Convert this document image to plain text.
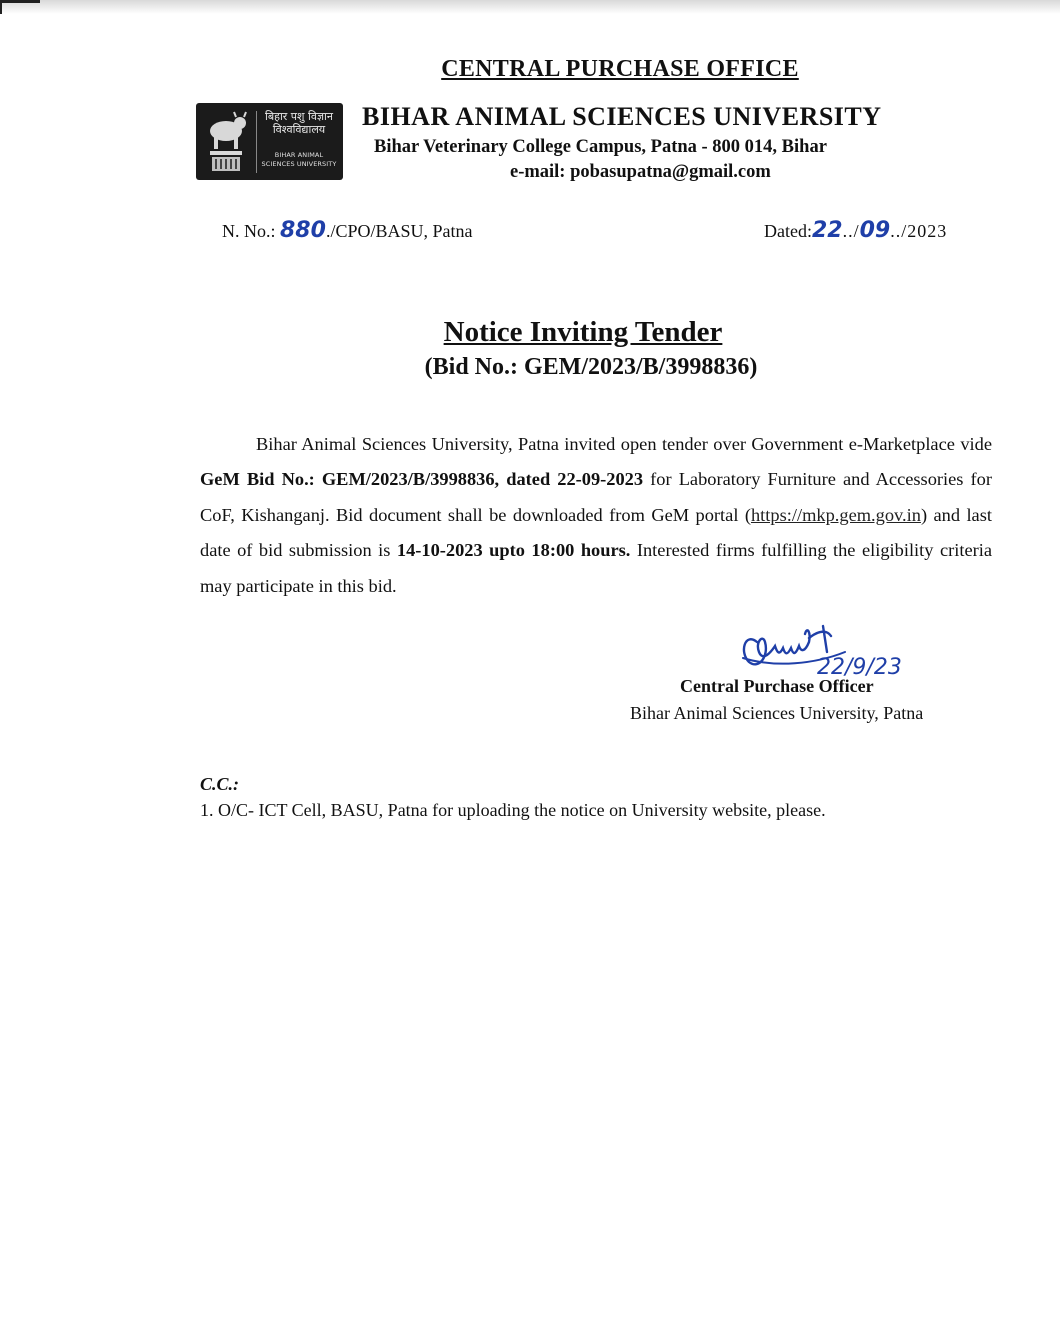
CENTRAL PURCHASE OFFICE
बिहार पशु विज्ञान
विश्वविद्यालय
BIHAR ANIMAL SCIENCES UNIVERSITY
BIHAR ANIMAL SCIENCES UNIVERSITY
Bihar Veterinary College Campus, Patna - 800 014, Bihar
e-mail: pobasupatna@gmail.com
N. No.:
880 ./CPO/BASU, Patna	Dated: 22 ../ 09 ../2023
Notice Inviting Tender
(Bid No.: GEM/2023/B/3998836)
Bihar Animal Sciences University, Patna invited open tender over Government e-Marketplace vide GeM Bid No.: GEM/2023/B/3998836, dated 22-09-2023 for Laboratory Furniture and Accessories for CoF, Kishanganj. Bid document shall be downloaded from GeM portal (https://mkp.gem.gov.in) and last date of bid submission is 14-10-2023 upto 18:00 hours. Interested firms fulfilling the eligibility criteria may participate in this bid.
22/9/23
Central Purchase Officer
Bihar Animal Sciences University, Patna
C.C.:
1. O/C- ICT Cell, BASU, Patna for uploading the notice on University website, please.
